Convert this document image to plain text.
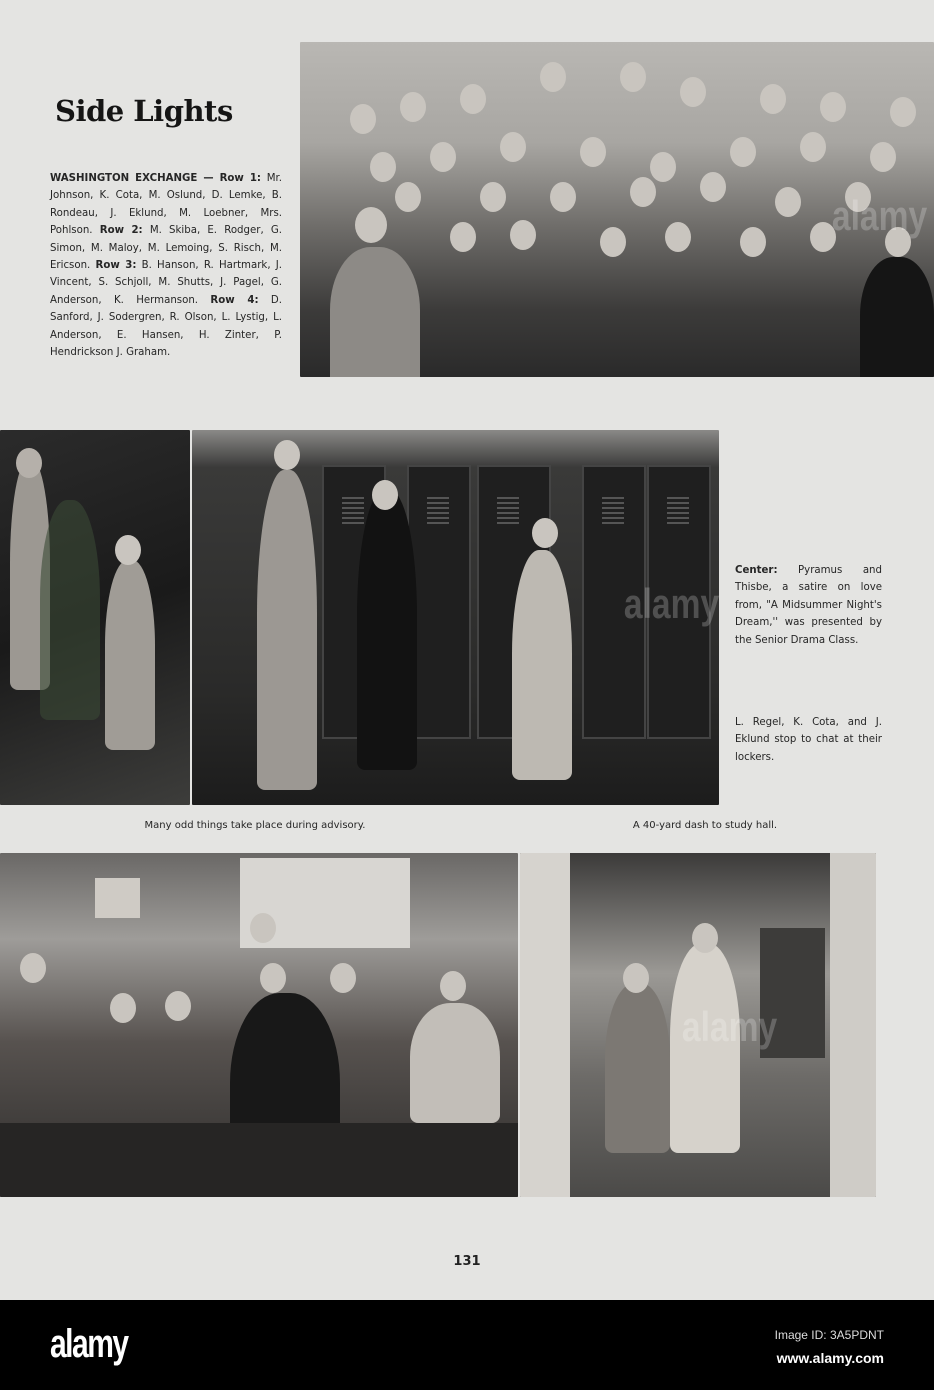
Side Lights
WASHINGTON EXCHANGE — Row 1: Mr. Johnson, K. Cota, M. Oslund, D. Lemke, B. Rondeau, J. Eklund, M. Loebner, Mrs. Pohlson. Row 2: M. Skiba, E. Rodger, G. Simon, M. Maloy, M. Lemoing, S. Risch, M. Ericson. Row 3: B. Hanson, R. Hartmark, J. Vincent, S. Schjoll, M. Shutts, J. Pagel, G. Anderson, K. Hermanson. Row 4: D. Sanford, J. Sodergren, R. Olson, L. Lystig, L. Anderson, E. Hansen, H. Zinter, P. Hendrickson J. Graham.
alamy
alamy
Center: Pyramus and Thisbe, a satire on love from, "A Midsummer Night's Dream,'' was presented by the Senior Drama Class.
L. Regel, K. Cota, and J. Eklund stop to chat at their lockers.
Many odd things take place during advisory.	A 40-yard dash to study hall.
alamy
131
alamy	Image ID: 3A5PDNT
www.alamy.com
